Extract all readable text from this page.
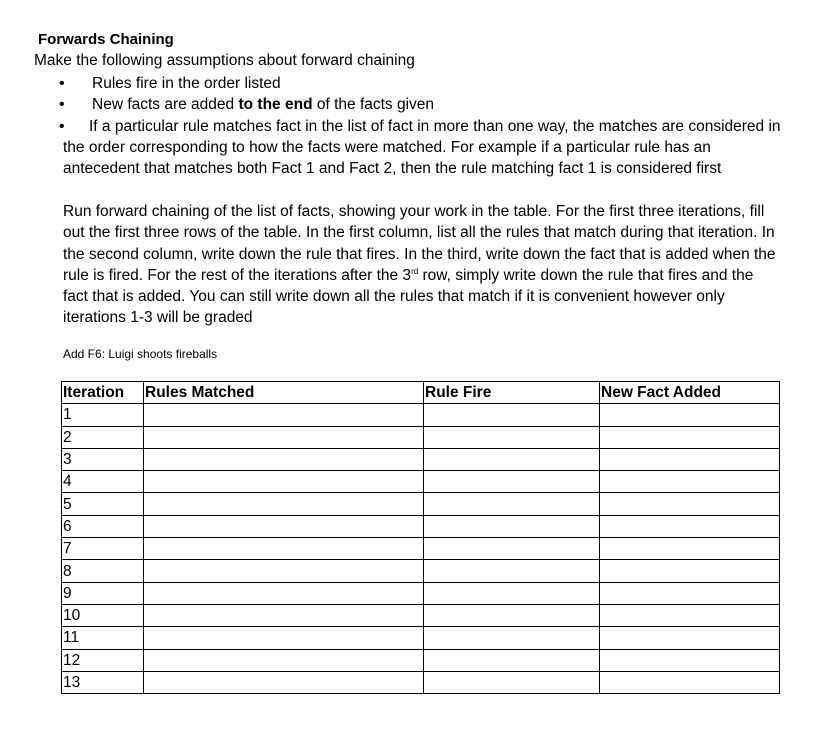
Forwards Chaining
Make the following assumptions about forward chaining
• Rules fire in the order listed
• New facts are added to the end of the facts given
• If a particular rule matches fact in the list of fact in more than one way, the matches are considered in the order corresponding to how the facts were matched. For example if a particular rule has an antecedent that matches both Fact 1 and Fact 2, then the rule matching fact 1 is considered first

Run forward chaining of the list of facts, showing your work in the table. For the first three iterations, fill out the first three rows of the table. In the first column, list all the rules that match during that iteration. In the second column, write down the rule that fires. In the third, write down the fact that is added when the rule is fired. For the rest of the iterations after the 3rd row, simply write down the rule that fires and the fact that is added. You can still write down all the rules that match if it is convenient however only iterations 1-3 will be graded

Add F6: Luigi shoots fireballs
Iteration	Rules Matched	Rule Fire	New Fact Added
1			
2			
3			
4			
5			
6			
7			
8			
9			
10			
11			
12			
13			
